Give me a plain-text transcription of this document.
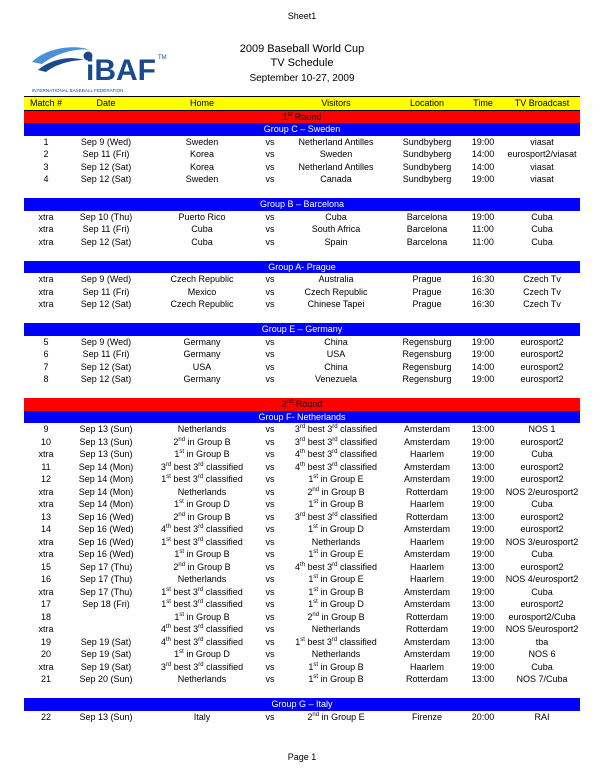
Sheet1
iBAF TM
INTERNATIONAL BASEBALL FEDERATION
2009 Baseball World Cup
TV Schedule
September 10-27, 2009
Match #	Date	Home		Visitors	Location	Time	TV Broadcast
1st Round							
Group C – Sweden							
1	Sep 9 (Wed)	Sweden	vs	Netherland Antilles	Sundbyberg	19:00	viasat
2	Sep 11 (Fri)	Korea	vs	Sweden	Sundbyberg	14:00	eurosport2/viasat
3	Sep 12 (Sat)	Korea	vs	Netherland Antilles	Sundbyberg	14:00	viasat
4	Sep 12 (Sat)	Sweden	vs	Canada	Sundbyberg	19:00	viasat

Group B – Barcelona							
xtra	Sep 10 (Thu)	Puerto Rico	vs	Cuba	Barcelona	19:00	Cuba
xtra	Sep 11 (Fri)	Cuba	vs	South Africa	Barcelona	11:00	Cuba
xtra	Sep 12 (Sat)	Cuba	vs	Spain	Barcelona	11:00	Cuba

Group A- Prague							
xtra	Sep 9 (Wed)	Czech Republic	vs	Australia	Prague	16:30	Czech Tv
xtra	Sep 11 (Fri)	Mexico	vs	Czech Republic	Prague	16:30	Czech Tv
xtra	Sep 12 (Sat)	Czech Republic	vs	Chinese Tapei	Prague	16:30	Czech Tv

Group E – Germany							
5	Sep 9 (Wed)	Germany	vs	China	Regensburg	19:00	eurosport2
6	Sep 11 (Fri)	Germany	vs	USA	Regensburg	19:00	eurosport2
7	Sep 12 (Sat)	USA	vs	China	Regensburg	14:00	eurosport2
8	Sep 12 (Sat)	Germany	vs	Venezuela	Regensburg	19:00	eurosport2

2nd Round							
Group F- Netherlands							
9	Sep 13 (Sun)	Netherlands	vs	3rd best 3rd classified	Amsterdam	13:00	NOS 1
10	Sep 13 (Sun)	2nd in Group B	vs	3rd best 3rd classified	Amsterdam	19:00	eurosport2
xtra	Sep 13 (Sun)	1st in Group B	vs	4th best 3rd classified	Haarlem	19:00	Cuba
11	Sep 14 (Mon)	3rd best 3rd classified	vs	4th best 3rd classified	Amsterdam	13:00	eurosport2
12	Sep 14 (Mon)	1st best 3rd classified	vs	1st in Group E	Amsterdam	19:00	eurosport2
xtra	Sep 14 (Mon)	Netherlands	vs	2nd in Group B	Rotterdam	19:00	NOS 2/eurosport2
xtra	Sep 14 (Mon)	1st in Group D	vs	1st in Group B	Haarlem	19:00	Cuba
13	Sep 16 (Wed)	2nd in Group B	vs	3rd best 3rd classified	Rotterdam	13:00	eurosport2
14	Sep 16 (Wed)	4th best 3rd classified	vs	1st in Group D	Amsterdam	19:00	eurosport2
xtra	Sep 16 (Wed)	1st best 3rd classified	vs	Netherlands	Haarlem	19:00	NOS 3/eurosport2
xtra	Sep 16 (Wed)	1st in Group B	vs	1st in Group E	Amsterdam	19:00	Cuba
15	Sep 17 (Thu)	2nd in Group B	vs	4th best 3rd classified	Haarlem	13:00	eurosport2
16	Sep 17 (Thu)	Netherlands	vs	1st in Group E	Haarlem	19:00	NOS 4/eurosport2
xtra	Sep 17 (Thu)	1st best 3rd classified	vs	1st in Group B	Amsterdam	19:00	Cuba
17	Sep 18 (Fri)	1st best 3rd classified	vs	1st in Group D	Amsterdam	13:00	eurosport2
18		1st in Group B	vs	2nd in Group B	Rotterdam	19:00	eurosport2/Cuba
xtra		4th best 3rd classified	vs	Netherlands	Rotterdam	19:00	NOS 5/eurosport2
19	Sep 19 (Sat)	4th best 3rd classified	vs	1st best 3rd classified	Amsterdam	13:00	tba
20	Sep 19 (Sat)	1st in Group D	vs	Netherlands	Amsterdam	19:00	NOS 6
xtra	Sep 19 (Sat)	3rd best 3rd classified	vs	1st in Group B	Haarlem	19:00	Cuba
21	Sep 20 (Sun)	Netherlands	vs	1st in Group B	Rotterdam	13:00	NOS 7/Cuba

Group G – Italy							
22	Sep 13 (Sun)	Italy	vs	2nd in Group E	Firenze	20:00	RAI
Page 1
